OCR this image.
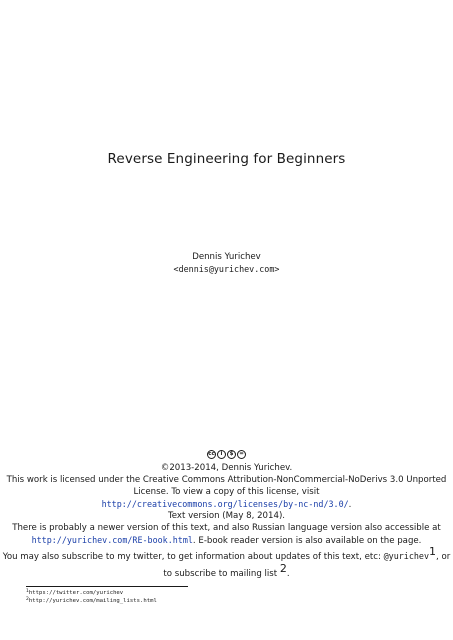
Reverse Engineering for Beginners
Dennis Yurichev
<dennis@yurichev.com>
cc	i	$	=
©2013-2014, Dennis Yurichev.
This work is licensed under the Creative Commons Attribution-NonCommercial-NoDerivs 3.0 Unported
License. To view a copy of this license, visit
http://creativecommons.org/licenses/by-nc-nd/3.0/.
Text version (May 8, 2014).
There is probably a newer version of this text, and also Russian language version also accessible at
http://yurichev.com/RE-book.html. E-book reader version is also available on the page.
You may also subscribe to my twitter, to get information about updates of this text, etc: @yurichev$^1$, or
to subscribe to mailing list $^2$.
$^1$https://twitter.com/yurichev
$^2$http://yurichev.com/mailing_lists.html
